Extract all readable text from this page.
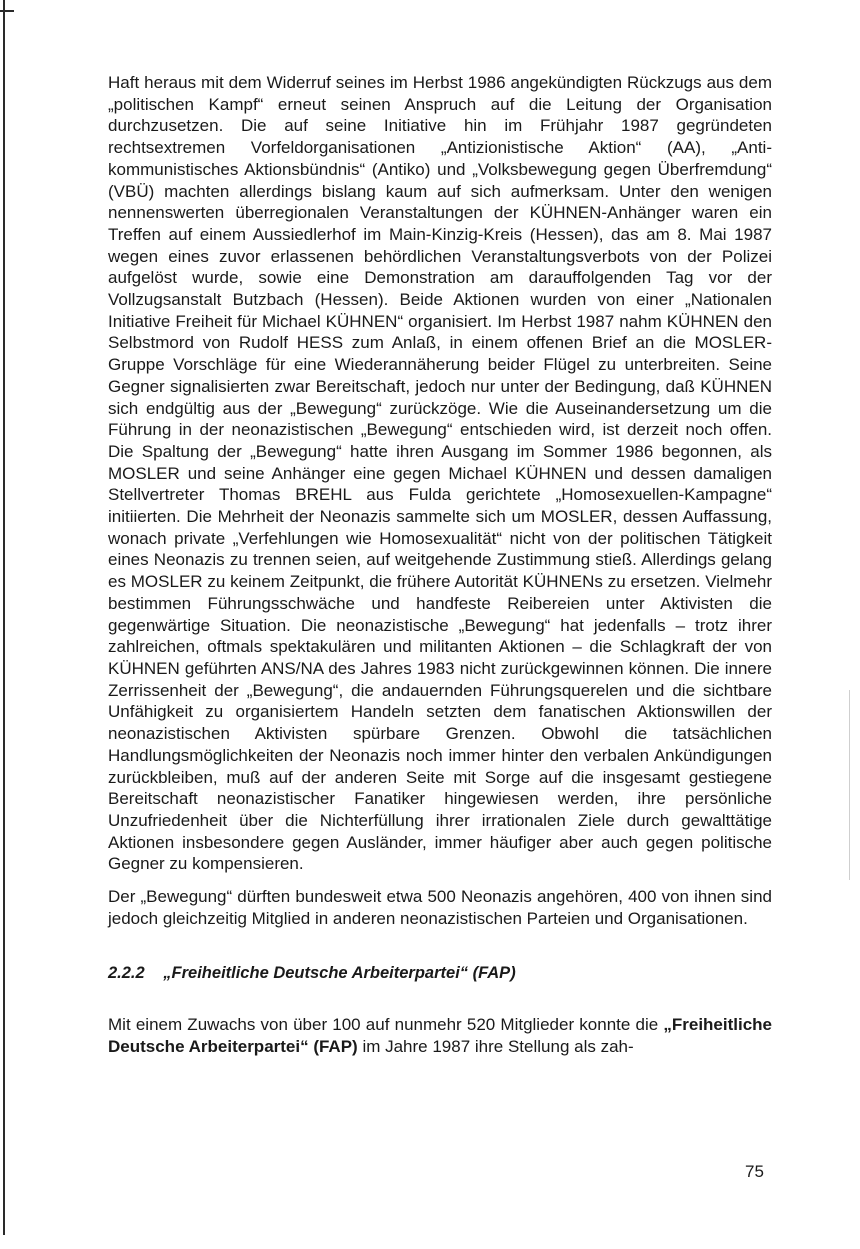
Haft heraus mit dem Widerruf seines im Herbst 1986 angekündigten Rückzugs aus dem „politischen Kampf“ erneut seinen Anspruch auf die Leitung der Organisation durchzusetzen. Die auf seine Initiative hin im Frühjahr 1987 gegründeten rechtsextremen Vorfeldorganisationen „Antizionistische Aktion“ (AA), „Antikommunistisches Aktionsbündnis“ (Antiko) und „Volksbewegung gegen Überfremdung“ (VBÜ) machten allerdings bislang kaum auf sich aufmerksam. Unter den wenigen nennenswerten überregionalen Veranstaltungen der KÜHNEN-Anhänger waren ein Treffen auf einem Aussiedlerhof im Main-Kinzig-Kreis (Hessen), das am 8. Mai 1987 wegen eines zuvor erlassenen behördlichen Veranstaltungsverbots von der Polizei aufgelöst wurde, sowie eine Demonstration am darauffolgenden Tag vor der Vollzugsanstalt Butzbach (Hessen). Beide Aktionen wurden von einer „Nationalen Initiative Freiheit für Michael KÜHNEN“ organisiert. Im Herbst 1987 nahm KÜHNEN den Selbstmord von Rudolf HESS zum Anlaß, in einem offenen Brief an die MOSLER-Gruppe Vorschläge für eine Wiederannäherung beider Flügel zu unterbreiten. Seine Gegner signalisierten zwar Bereitschaft, jedoch nur unter der Bedingung, daß KÜHNEN sich endgültig aus der „Bewegung“ zurückzöge. Wie die Auseinandersetzung um die Führung in der neonazistischen „Bewegung“ entschieden wird, ist derzeit noch offen. Die Spaltung der „Bewegung“ hatte ihren Ausgang im Sommer 1986 begonnen, als MOSLER und seine Anhänger eine gegen Michael KÜHNEN und dessen damaligen Stellvertreter Thomas BREHL aus Fulda gerichtete „Homosexuellen-Kampagne“ initiierten. Die Mehrheit der Neonazis sammelte sich um MOSLER, dessen Auffassung, wonach private „Verfehlungen wie Homosexualität“ nicht von der politischen Tätigkeit eines Neonazis zu trennen seien, auf weitgehende Zustimmung stieß. Allerdings gelang es MOSLER zu keinem Zeitpunkt, die frühere Autorität KÜHNENs zu ersetzen. Vielmehr bestimmen Führungsschwäche und handfeste Reibereien unter Aktivisten die gegenwärtige Situation. Die neonazistische „Bewegung“ hat jedenfalls – trotz ihrer zahlreichen, oftmals spektakulären und militanten Aktionen – die Schlagkraft der von KÜHNEN geführten ANS/NA des Jahres 1983 nicht zurückgewinnen können. Die innere Zerrissenheit der „Bewegung“, die andauernden Führungsquerelen und die sichtbare Unfähigkeit zu organisiertem Handeln setzten dem fanatischen Aktionswillen der neonazistischen Aktivisten spürbare Grenzen. Obwohl die tatsächlichen Handlungsmöglichkeiten der Neonazis noch immer hinter den verbalen Ankündigungen zurückbleiben, muß auf der anderen Seite mit Sorge auf die insgesamt gestiegene Bereitschaft neonazistischer Fanatiker hingewiesen werden, ihre persönliche Unzufriedenheit über die Nichterfüllung ihrer irrationalen Ziele durch gewalttätige Aktionen insbesondere gegen Ausländer, immer häufiger aber auch gegen politische Gegner zu kompensieren.

Der „Bewegung“ dürften bundesweit etwa 500 Neonazis angehören, 400 von ihnen sind jedoch gleichzeitig Mitglied in anderen neonazistischen Parteien und Organisationen.

2.2.2 „Freiheitliche Deutsche Arbeiterpartei“ (FAP)

Mit einem Zuwachs von über 100 auf nunmehr 520 Mitglieder konnte die „Freiheitliche Deutsche Arbeiterpartei“ (FAP) im Jahre 1987 ihre Stellung als zah-

75
